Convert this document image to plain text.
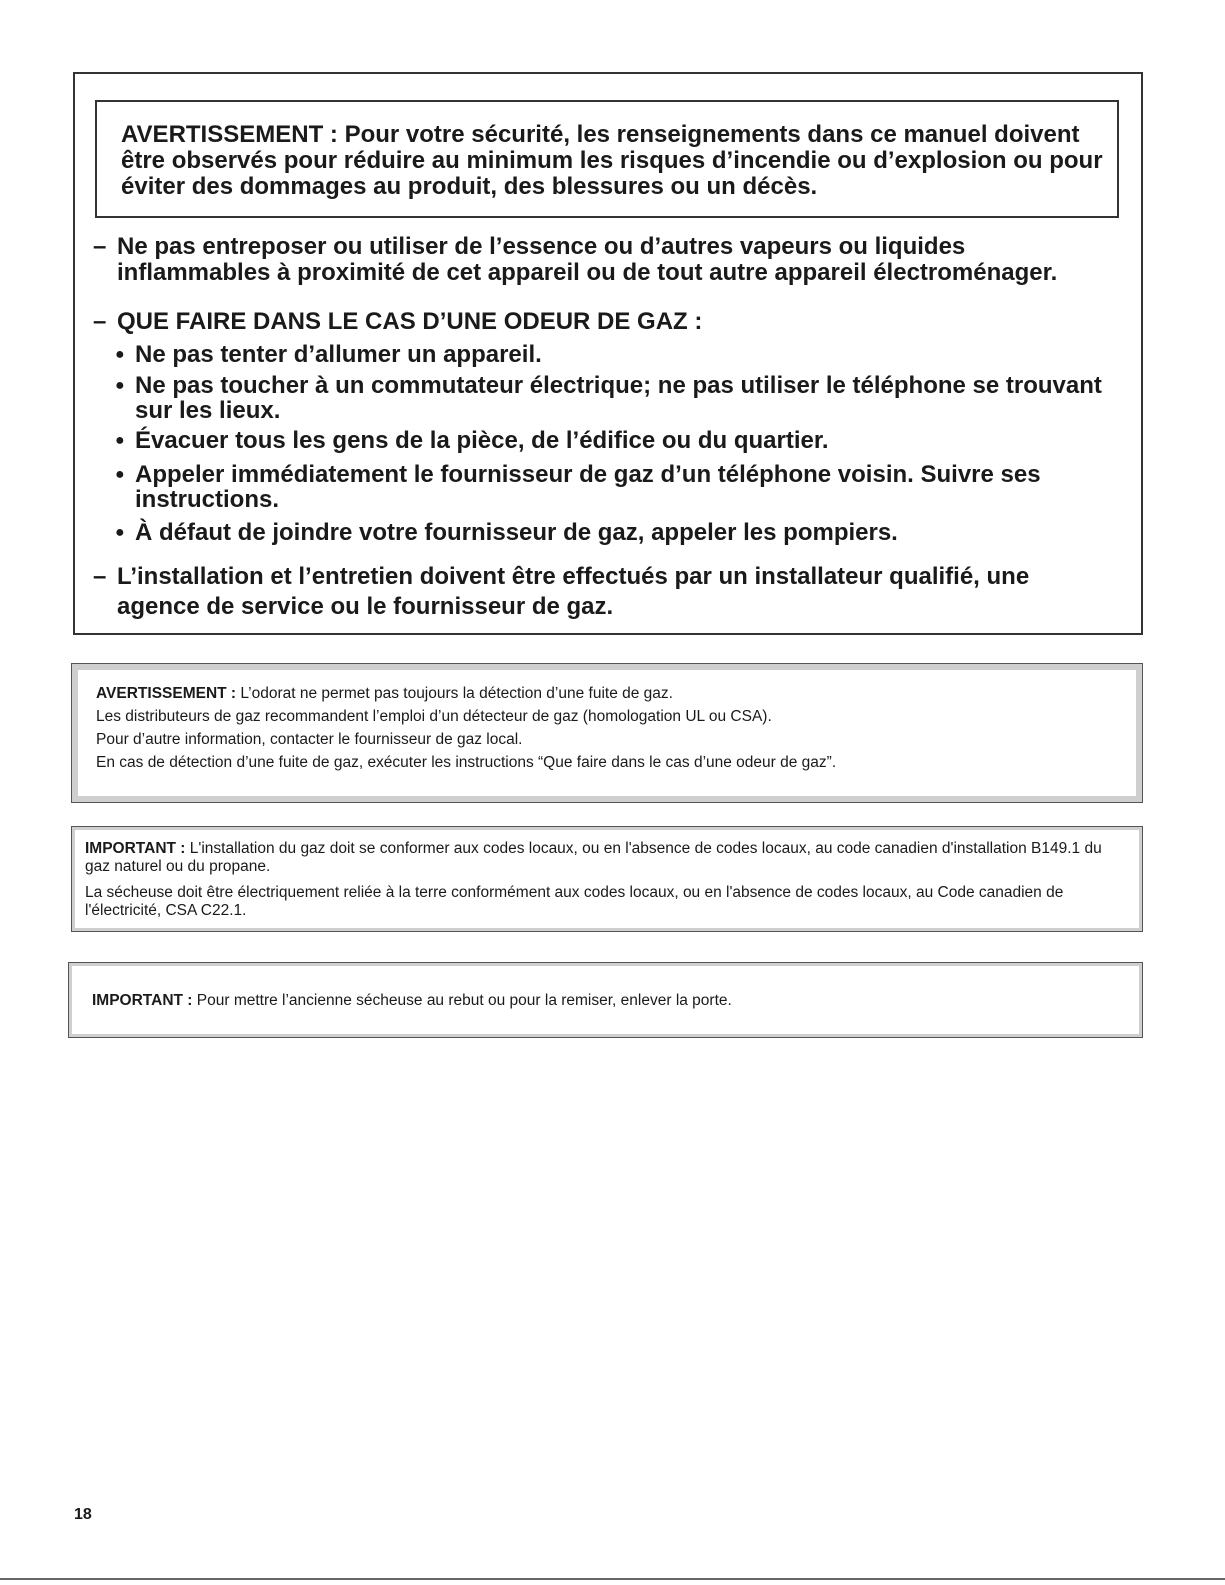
AVERTISSEMENT : Pour votre sécurité, les renseignements dans ce manuel doivent

être observés pour réduire au minimum les risques d’incendie ou d’explosion ou pour

éviter des dommages au produit, des blessures ou un décès.

– Ne pas entreposer ou utiliser de l’essence ou d’autres vapeurs ou liquides
inflammables à proximité de cet appareil ou de tout autre appareil électroménager.
– QUE FAIRE DANS LE CAS D’UNE ODEUR DE GAZ :
● Ne pas tenter d’allumer un appareil.
● Ne pas toucher à un commutateur électrique; ne pas utiliser le téléphone se trouvant
sur les lieux.
● Évacuer tous les gens de la pièce, de l’édifice ou du quartier.
● Appeler immédiatement le fournisseur de gaz d’un téléphone voisin. Suivre ses
instructions.
● À défaut de joindre votre fournisseur de gaz, appeler les pompiers.
– L’installation et l’entretien doivent être effectués par un installateur qualifié, une
agence de service ou le fournisseur de gaz.

AVERTISSEMENT : L’odorat ne permet pas toujours la détection d’une fuite de gaz.

Les distributeurs de gaz recommandent l’emploi d’un détecteur de gaz (homologation UL ou CSA).

Pour d’autre information, contacter le fournisseur de gaz local.

En cas de détection d’une fuite de gaz, exécuter les instructions “Que faire dans le cas d’une odeur de gaz”.

IMPORTANT : L'installation du gaz doit se conformer aux codes locaux, ou en l'absence de codes locaux, au code canadien d'installation B149.1 du gaz naturel ou du propane.

La sécheuse doit être électriquement reliée à la terre conformément aux codes locaux, ou en l'absence de codes locaux, au Code canadien de l'électricité, CSA C22.1.

IMPORTANT : Pour mettre l’ancienne sécheuse au rebut ou pour la remiser, enlever la porte.

18
